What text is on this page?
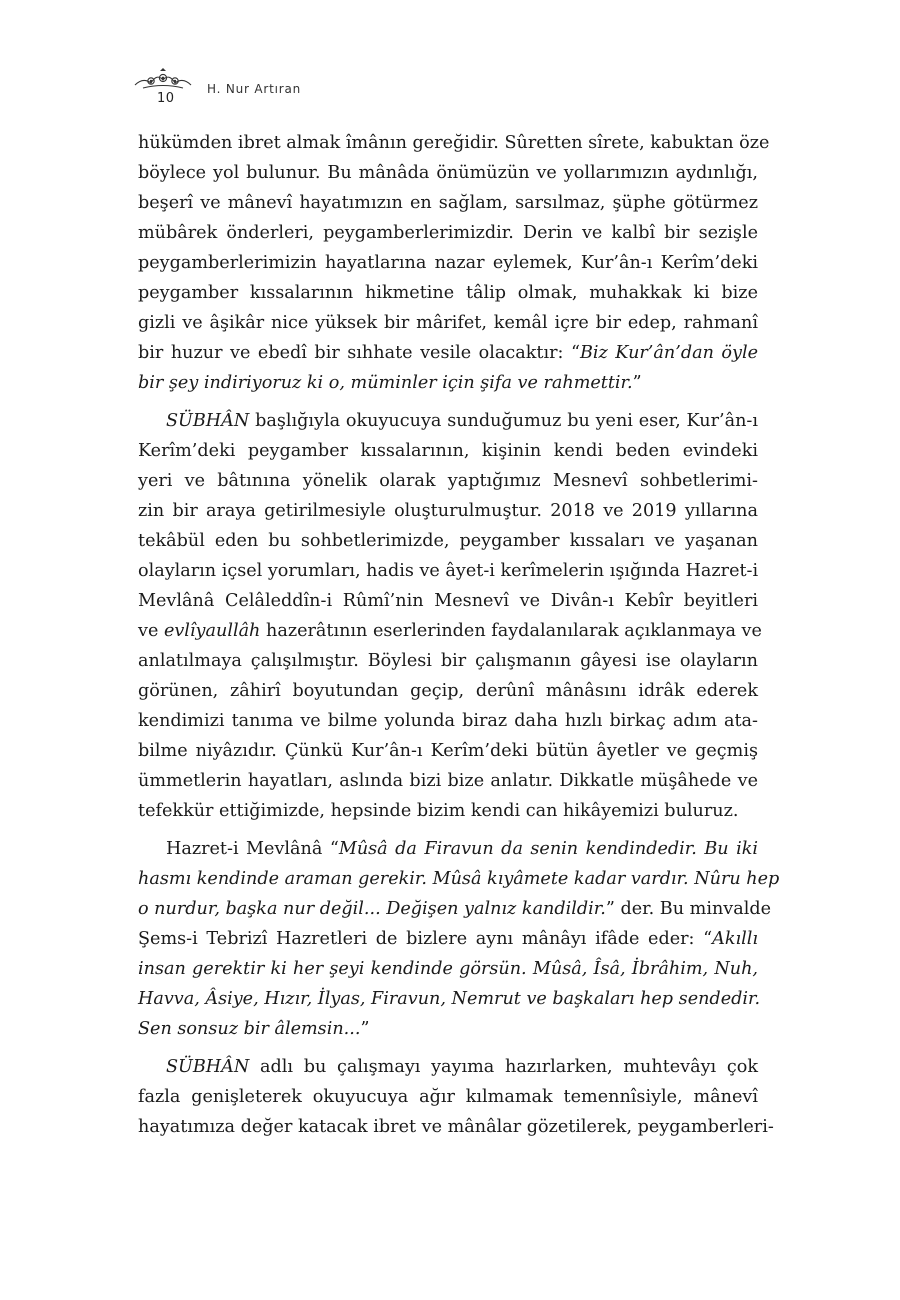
10
H. Nur Artıran
hükümden ibret almak îmânın gereğidir. Sûretten sîrete, kabuktan öze
böylece yol bulunur. Bu mânâda önümüzün ve yollarımızın aydınlığı,
beşerî ve mânevî hayatımızın en sağlam, sarsılmaz, şüphe götürmez
mübârek önderleri, peygamberlerimizdir. Derin ve kalbî bir sezişle
peygamberlerimizin hayatlarına nazar eylemek, Kur’ân-ı Kerîm’deki
peygamber kıssalarının hikmetine tâlip olmak, muhakkak ki bize
gizli ve âşikâr nice yüksek bir mârifet, kemâl içre bir edep, rahmanî
bir huzur ve ebedî bir sıhhate vesile olacaktır: “Biz Kur’ân’dan öyle
bir şey indiriyoruz ki o, müminler için şifa ve rahmettir.”
SÜBHÂN başlığıyla okuyucuya sunduğumuz bu yeni eser, Kur’ân-ı
Kerîm’deki peygamber kıssalarının, kişinin kendi beden evindeki
yeri ve bâtınına yönelik olarak yaptığımız Mesnevî sohbetlerimi-
zin bir araya getirilmesiyle oluşturulmuştur. 2018 ve 2019 yıllarına
tekâbül eden bu sohbetlerimizde, peygamber kıssaları ve yaşanan
olayların içsel yorumları, hadis ve âyet-i kerîmelerin ışığında Hazret-i
Mevlânâ Celâleddîn-i Rûmî’nin Mesnevî ve Divân-ı Kebîr beyitleri
ve evlîyaullâh hazerâtının eserlerinden faydalanılarak açıklanmaya ve
anlatılmaya çalışılmıştır. Böylesi bir çalışmanın gâyesi ise olayların
görünen, zâhirî boyutundan geçip, derûnî mânâsını idrâk ederek
kendimizi tanıma ve bilme yolunda biraz daha hızlı birkaç adım ata-
bilme niyâzıdır. Çünkü Kur’ân-ı Kerîm’deki bütün âyetler ve geçmiş
ümmetlerin hayatları, aslında bizi bize anlatır. Dikkatle müşâhede ve
tefekkür ettiğimizde, hepsinde bizim kendi can hikâyemizi buluruz.
Hazret-i Mevlânâ “Mûsâ da Firavun da senin kendindedir. Bu iki
hasmı kendinde araman gerekir. Mûsâ kıyâmete kadar vardır. Nûru hep
o nurdur, başka nur değil... Değişen yalnız kandildir.” der. Bu minvalde
Şems-i Tebrizî Hazretleri de bizlere aynı mânâyı ifâde eder: “Akıllı
insan gerektir ki her şeyi kendinde görsün. Mûsâ, Îsâ, İbrâhim, Nuh,
Havva, Âsiye, Hızır, İlyas, Firavun, Nemrut ve başkaları hep sendedir.
Sen sonsuz bir âlemsin...”
SÜBHÂN adlı bu çalışmayı yayıma hazırlarken, muhtevâyı çok
fazla genişleterek okuyucuya ağır kılmamak temennîsiyle, mânevî
hayatımıza değer katacak ibret ve mânâlar gözetilerek, peygamberleri-
